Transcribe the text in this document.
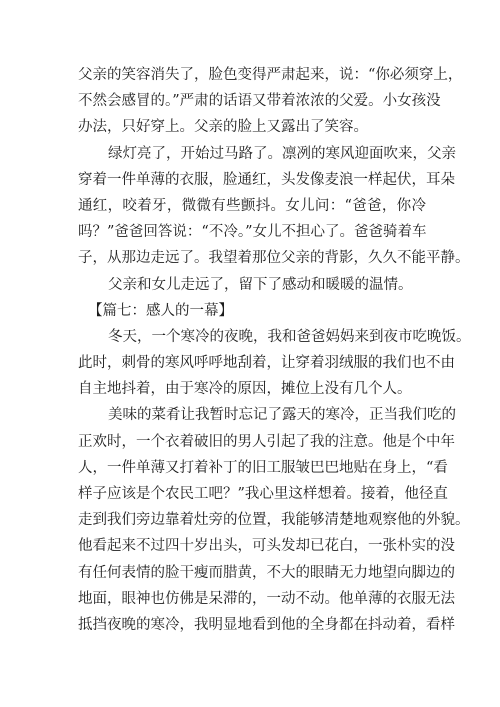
父亲的笑容消失了，脸色变得严肃起来，说：“你必须穿上，
不然会感冒的。”严肃的话语又带着浓浓的父爱。小女孩没
办法，只好穿上。父亲的脸上又露出了笑容。
绿灯亮了，开始过马路了。凛冽的寒风迎面吹来，父亲
穿着一件单薄的衣服，脸通红，头发像麦浪一样起伏，耳朵
通红，咬着牙，微微有些颤抖。女儿问：“爸爸，你冷
吗？”爸爸回答说：“不冷。”女儿不担心了。爸爸骑着车
子，从那边走远了。我望着那位父亲的背影，久久不能平静。
父亲和女儿走远了，留下了感动和暖暖的温情。
【篇七：感人的一幕】
冬天，一个寒冷的夜晚，我和爸爸妈妈来到夜市吃晚饭。
此时，刺骨的寒风呼呼地刮着，让穿着羽绒服的我们也不由
自主地抖着，由于寒冷的原因，摊位上没有几个人。
美味的菜肴让我暂时忘记了露天的寒冷，正当我们吃的
正欢时，一个衣着破旧的男人引起了我的注意。他是个中年
人，一件单薄又打着补丁的旧工服皱巴巴地贴在身上，“看
样子应该是个农民工吧？”我心里这样想着。接着，他径直
走到我们旁边靠着灶旁的位置，我能够清楚地观察他的外貌。
他看起来不过四十岁出头，可头发却已花白，一张朴实的没
有任何表情的脸干瘦而腊黄，不大的眼睛无力地望向脚边的
地面，眼神也仿佛是呆滞的，一动不动。他单薄的衣服无法
抵挡夜晚的寒冷，我明显地看到他的全身都在抖动着，看样
